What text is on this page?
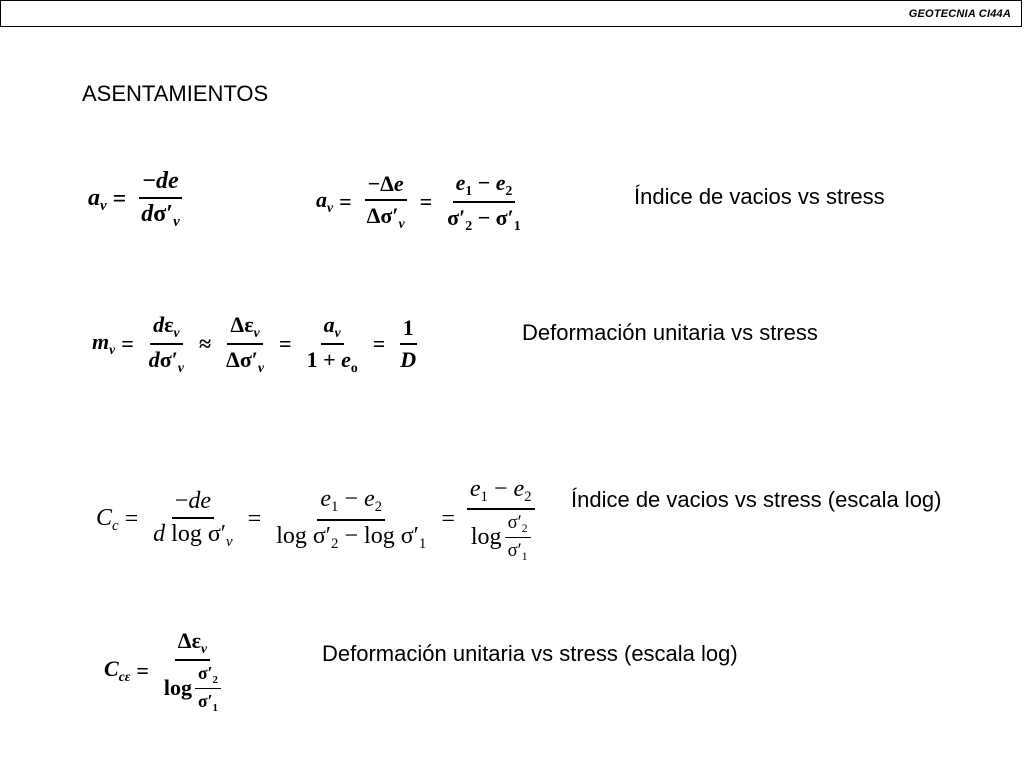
GEOTECNIA CI44A
ASENTAMIENTOS
$a_v = \frac{-de}{d\sigma'_v}$	$a_v = \frac{-\Delta e}{\Delta\sigma'_v} = \frac{e_1 - e_2}{\sigma'_2 - \sigma'_1}$	Índice de vacios vs stress
$m_v = \frac{d\varepsilon_v}{d\sigma'_v} \approx \frac{\Delta\varepsilon_v}{\Delta\sigma'_v} = \frac{a_v}{1 + e_o} = \frac{1}{D}$	Deformación unitaria vs stress
$C_c = \frac{-de}{d \log \sigma'_v} = \frac{e_1 - e_2}{\log \sigma'_2 - \log \sigma'_1} = \frac{e_1 - e_2}{\log \frac{\sigma'_2}{\sigma'_1}}$ Índice de vacios vs stress (escala log)
$C_{c\varepsilon} = \frac{\Delta\varepsilon_v}{\log \frac{\sigma'_2}{\sigma'_1}}$	Deformación unitaria vs stress (escala log)
